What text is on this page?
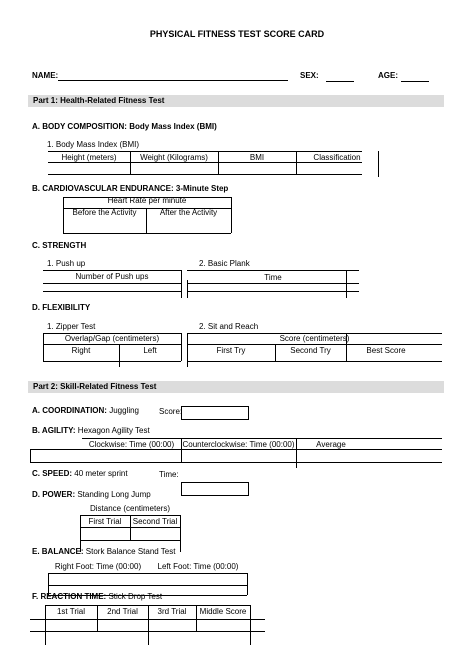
PHYSICAL FITNESS TEST SCORE CARD
NAME:	SEX:	AGE:
Part 1: Health-Related Fitness Test
A. BODY COMPOSITION: Body Mass Index (BMI)
1. Body Mass Index (BMI)
Height (meters)	Weight (Kilograms)	BMI	Classification
B. CARDIOVASCULAR ENDURANCE: 3-Minute Step
Heart Rate per minute
Before the Activity	After the Activity
C. STRENGTH
1. Push up
Number of Push ups
2. Basic Plank
Time
D. FLEXIBILITY
1. Zipper Test
Overlap/Gap (centimeters)
Right	Left
2. Sit and Reach
Score (centimeters)
First Try	Second Try	Best Score
Part 2: Skill-Related Fitness Test
A. COORDINATION: Juggling Score:
B. AGILITY: Hexagon Agility Test
Clockwise: Time (00:00)	Counterclockwise: Time (00:00)	Average
C. SPEED: 40 meter sprint	Time:
D. POWER: Standing Long Jump
Distance (centimeters)
First Trial	Second Trial
E. BALANCE: Stork Balance Stand Test
Right Foot: Time (00:00)	Left Foot: Time (00:00)
F. REACTION TIME: Stick Drop Test
1st Trial	2nd Trial	3rd Trial	Middle Score
